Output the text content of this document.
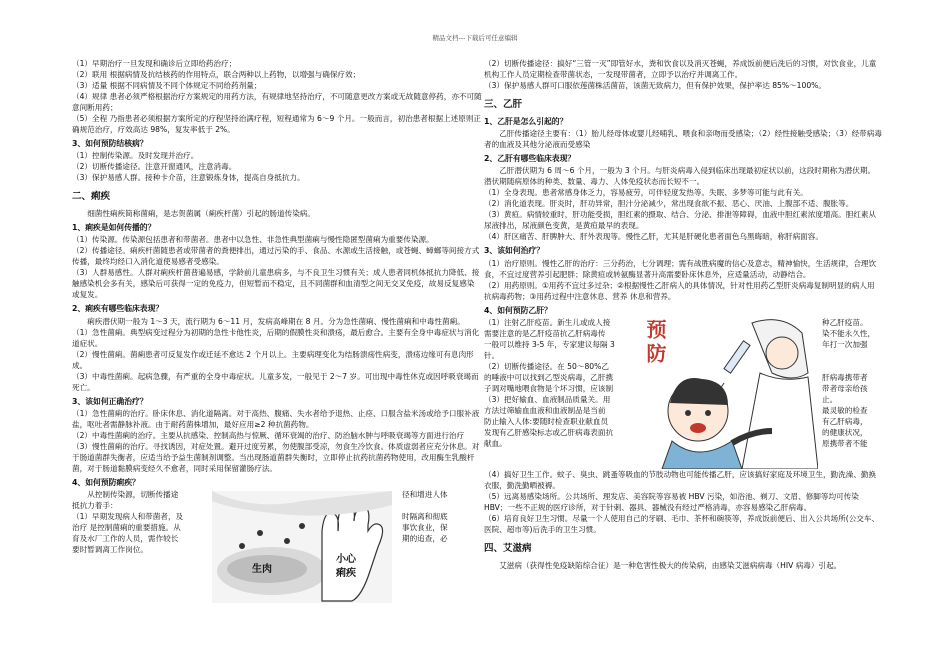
精品文档---下载后可任意编辑

（1）早期治疗一旦发现和确诊后立即给药治疗；

（2）联用 根据病情及抗结核药的作用特点，联合两种以上药物，以增强与确保疗效；

（3）适量 根据不同病情及不同个体规定不同给药剂量；

（4）规律 患者必须严格根据治疗方案规定的用药方法，有规律地坚持治疗，不可随意更改方案或无故随意停药，亦不可随意间断用药；

（5）全程 乃指患者必须根据方案所定的疗程坚持治满疗程，短程通常为 6～9 个月。一般而言，初治患者根据上述原则正确规范治疗，疗效高达 98%，复发率低于 2%。

3、如何预防结核病？

（1）控制传染源。及时发现并治疗。

（2）切断传播途径。注意开窗通风，注意消毒。

（3）保护易感人群。接种卡介苗，注意锻炼身体，提高自身抵抗力。

二、痢疾

细菌性痢疾简称菌痢，是志贺菌属（痢疾杆菌）引起的肠道传染病。

1、痢疾是如何传播的？

（1）传染源。传染源包括患者和带菌者。患者中以急性、非急性典型菌痢与慢性隐匿型菌痢为重要传染源。

（2）传播途径。痢疾杆菌随患者或带菌者的粪便排出，通过污染的手、食品、水源或生活接触，或苍蝇、蟑螂等间接方式传播，最终均经口入消化道使易感者受感染。

（3）人群易感性。人群对痢疾杆菌普遍易感，学龄前儿童患病多，与不良卫生习惯有关；成人患者同机体抵抗力降低、接触感染机会多有关，感染后可获得一定的免疫力，但短暂而不稳定，且不同菌群和血清型之间无交叉免疫，故易反复感染或复发。

2、痢疾有哪些临床表现？

痢疾潜伏期一般为 1～3 天，流行期为 6～11 月，发病高峰期在 8 月。分为急性菌痢、慢性菌痢和中毒性菌痢。

（1）急性菌痢。典型病变过程分为初期的急性卡他性炎，后期的假膜性炎和溃疡，最后愈合。主要有全身中毒症状与消化道症状。

（2）慢性菌痢。菌痢患者可反复发作或迁延不愈达 2 个月以上。主要病理变化为结肠溃疡性病变，溃疡边缘可有息肉形成。

（3）中毒性菌痢。起病急骤，有严重的全身中毒症状。儿童多发，一般见于 2～7 岁。可出现中毒性休克或因呼吸衰竭而死亡。

3、该如何正确治疗？

（1）急性菌痢的治疗。卧床休息、消化道隔离。对于高热、腹痛、失水者给予退热、止痉、口服含盐米汤或给予口服补液盐，呕吐者需静脉补液。由于耐药菌株增加，最好应用≥2 种抗菌药物。

（2）中毒性菌痢的治疗。主要从抗感染、控制高热与惊厥、循环衰竭的治疗、防治脑水肿与呼吸衰竭等方面进行治疗

（3）慢性菌痢的治疗。寻找诱因，对症处置。避开过度劳累，勿使腹部受凉，勿食生冷饮食。体质虚弱者应充分休息。对于肠道菌群失衡者，应适当给予益生菌制剂调整。当出现肠道菌群失衡时，立即停止抗药抗菌药物使用，改用酶生乳酸杆菌，对于肠道黏膜病变经久不愈者，同时采用保留灌肠疗法。

4、如何预防痢疾？

从控制传染源，切断传播途

抵抗力着手：

（1）早期发现病人和带菌者，及

治疗 是控制菌痢的重要措施。从

育及水厂工作的人员，需作较长

要时暂调离工作岗位。

径和增进人体

时隔离和彻底

事饮食业，保

期的追查，必

生肉
小心
痢疾

（2）切断传播途径：搞好“三管一灭”即管好水，粪和饮食以及消灭苍蝇，养成饭前便后洗后的习惯，对饮食业，儿童机构工作人员定期检查带菌状态，一发现带菌者，立即予以治疗并调离工作。

（3）保护易感人群可口服依莲菌株活菌苗，该菌无致病力，但有保护效果，保护率达 85%～100%。

三、乙肝
1、乙肝是怎么引起的？

乙肝传播途径主要有：（1）胎儿经母体或婴儿经哺乳、喂食和亲吻而受感染；（2）经性接触受感染；（3）经带病毒者的血液及其他分泌液而受感染

2、乙肝有哪些临床表现？

乙肝潜伏期为 6 周～6 个月，一般为 3 个月。与肝炎病毒入侵到临床出现最初症状以前，这段时期称为潜伏期。潜伏期随病原体的种类、数量、毒力、人体免疫状态而长短不一。

（1）全身表现。患者常感身体乏力，容易疲劳，可伴轻度发热等。失眠、多梦等可能与此有关。

（2）消化道表现。肝炎时，肝功异常，胆汁分泌减少，常出现食欲不振、恶心、厌油、上腹部不适、腹胀等。

（3）黄疸。病情较重时，肝功能受损，胆红素的摄取、结合、分泌、排泄等障碍，血液中胆红素浓度增高。胆红素从尿液排出，尿液颜色变黄，是黄疸最早的表现。

（4）肝区痛苦、肝脾肿大、肝外表现等。慢性乙肝，尤其是肝硬化患者面色乌黑晦暗，称肝病面容。

3、该如何治疗？

（1）治疗原则。慢性乙肝的治疗：三分药治，七分调理；需有战胜病魔的信心及意志，精神愉快，生活规律，合理饮食，不宜过度营养引起肥胖；除黄疸或转氨酶显著升高需要卧床休息外，应适量活动，动静结合。

（2）用药原则。①用药不宜过多过杂；②根据慢性乙肝病人的具体情况，针对性用药乙型肝炎病毒复制明显的病人用抗病毒药物；③用药过程中注意休息、营养 休息和营养。

4、如何预防乙肝？

（1）注射乙肝疫苗。新生儿或成人接

需要注意的是乙肝疫苗抗乙肝病毒传

一般可以维持 3-5 年，专家建议每隔 3

针。

（2）切断传播途径。在 50～80%乙

的唾液中可以找到乙型炎病毒，乙肝携

子调对嘴地喂食物是个坏习惯，应该制

（3）把好输血、血液制品质量关。用

方法过筛输血血液和血液制品是当前

防止输入人体:要随时检查职业献血员

发现有乙肝感染标志或乙肝病毒表面抗

献血。

种乙肝疫苗。

染不能永久性，

年打一次加强

肝病毒携带者

带者母亲给孩

止。

最灵敏的检查

有乙肝病毒，

的健康状况，

原携带者不能

预防

（4）搞好卫生工作。蚊子、臭虫、跳蚤等吸血的节肢动物也可能传播乙肝，应该搞好家庭及环境卫生，勤洗澡、勤换衣服，勤洗勤晒被褥。

（5）远离易感染场所。公共场所、理发店、美容院等容易被 HBV 污染，如浴池、剃刀、文眉、修脚等均可传染 HBV；一些不正规的医疗诊所，对于针刺、器具、器械没有经过严格消毒，亦容易感染乙肝病毒。

（6）培育良好卫生习惯。尽量一个人使用自己的牙刷、毛巾、茶杯和碗筷等，养成饭前便后、出入公共场所(公交车、医院、超市等)后洗手的卫生习惯。

四、艾滋病

艾滋病（获得性免疫缺陷综合征）是一种危害性极大的传染病，由感染艾滋病病毒（HIV 病毒）引起。
